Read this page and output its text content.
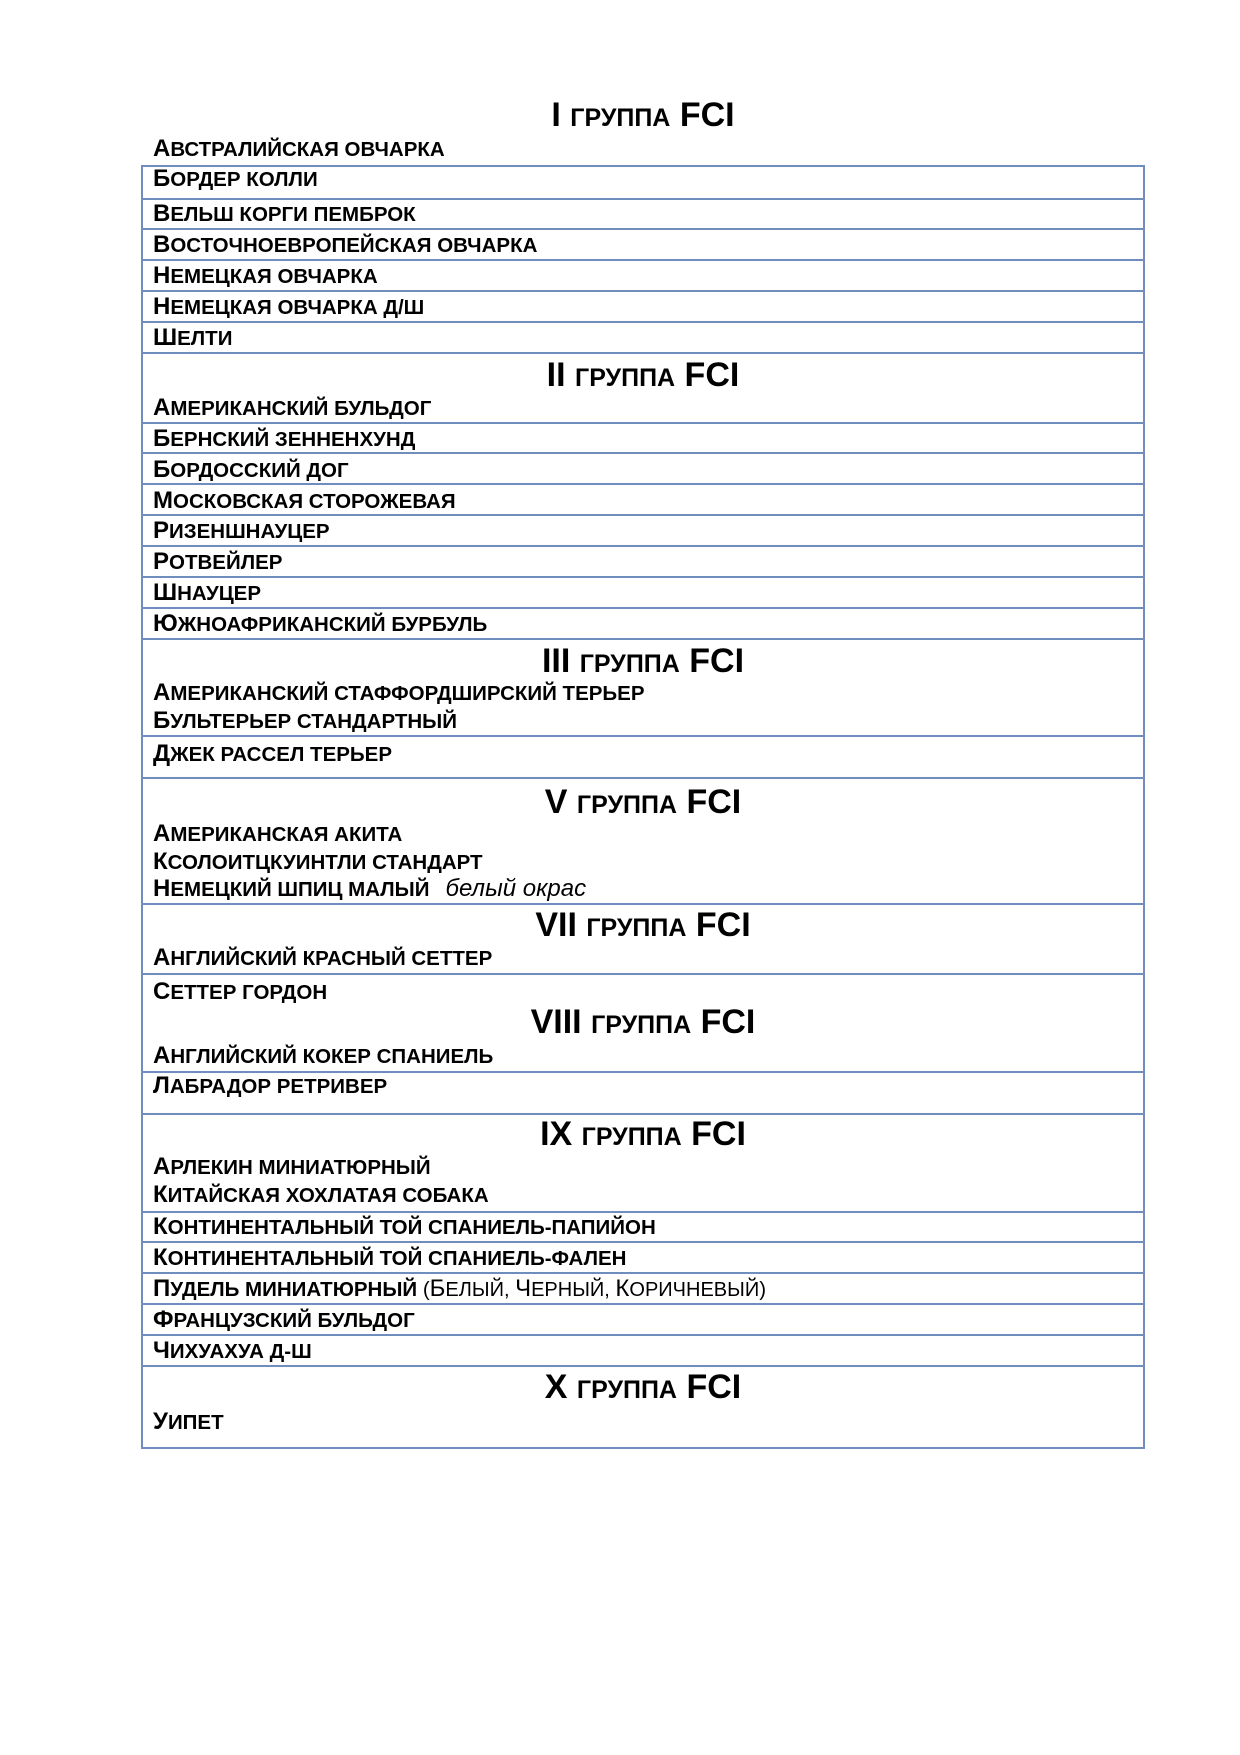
I ГРУППА FCI
АВСТРАЛИЙСКАЯ ОВЧАРКА
БОРДЕР КОЛЛИ
ВЕЛЬШ КОРГИ ПЕМБРОК
ВОСТОЧНОЕВРОПЕЙСКАЯ ОВЧАРКА
НЕМЕЦКАЯ ОВЧАРКА
НЕМЕЦКАЯ ОВЧАРКА Д/Ш
ШЕЛТИ
II ГРУППА FCI
АМЕРИКАНСКИЙ БУЛЬДОГ
БЕРНСКИЙ ЗЕННЕНХУНД
БОРДОССКИЙ ДОГ
МОСКОВСКАЯ СТОРОЖЕВАЯ
РИЗЕНШНАУЦЕР
РОТВЕЙЛЕР
ШНАУЦЕР
ЮЖНОАФРИКАНСКИЙ БУРБУЛЬ
III ГРУППА FCI
АМЕРИКАНСКИЙ СТАФФОРДШИРСКИЙ ТЕРЬЕР
БУЛЬТЕРЬЕР СТАНДАРТНЫЙ
ДЖЕК РАССЕЛ ТЕРЬЕР
V ГРУППА FCI
АМЕРИКАНСКАЯ АКИТА
КСОЛОИТЦКУИНТЛИ СТАНДАРТ
НЕМЕЦКИЙ ШПИЦ МАЛЫЙ белый окрас
VII ГРУППА FCI
АНГЛИЙСКИЙ КРАСНЫЙ СЕТТЕР
СЕТТЕР ГОРДОН
VIII ГРУППА FCI
АНГЛИЙСКИЙ КОКЕР СПАНИЕЛЬ
ЛАБРАДОР РЕТРИВЕР
IX ГРУППА FCI
АРЛЕКИН МИНИАТЮРНЫЙ
КИТАЙСКАЯ ХОХЛАТАЯ СОБАКА
КОНТИНЕНТАЛЬНЫЙ ТОЙ СПАНИЕЛЬ-ПАПИЙОН
КОНТИНЕНТАЛЬНЫЙ ТОЙ СПАНИЕЛЬ-ФАЛЕН
ПУДЕЛЬ МИНИАТЮРНЫЙ (БЕЛЫЙ, ЧЕРНЫЙ, КОРИЧНЕВЫЙ)
ФРАНЦУЗСКИЙ БУЛЬДОГ
ЧИХУАХУА Д-Ш
X ГРУППА FCI
УИПЕТ
